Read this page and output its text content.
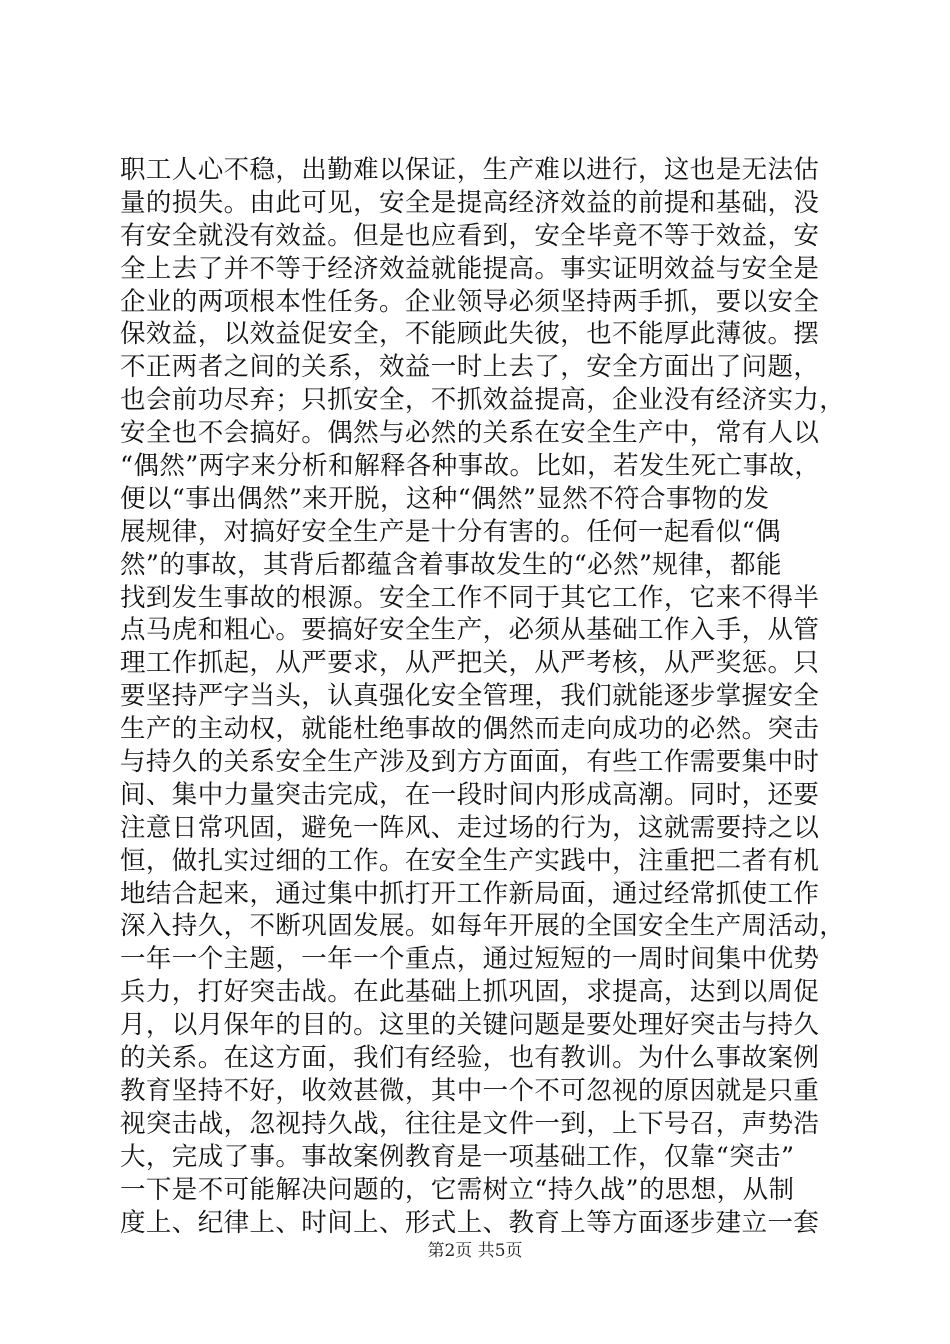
职工人心不稳，出勤难以保证，生产难以进行，这也是无法估
量的损失。由此可见，安全是提高经济效益的前提和基础，没
有安全就没有效益。但是也应看到，安全毕竟不等于效益，安
全上去了并不等于经济效益就能提高。事实证明效益与安全是
企业的两项根本性任务。企业领导必须坚持两手抓，要以安全
保效益，以效益促安全，不能顾此失彼，也不能厚此薄彼。摆
不正两者之间的关系，效益一时上去了，安全方面出了问题，
也会前功尽弃；只抓安全，不抓效益提高，企业没有经济实力，
安全也不会搞好。偶然与必然的关系在安全生产中，常有人以
“偶然”两字来分析和解释各种事故。比如，若发生死亡事故，
便以“事出偶然”来开脱，这种“偶然”显然不符合事物的发
展规律，对搞好安全生产是十分有害的。任何一起看似“偶
然”的事故，其背后都蕴含着事故发生的“必然”规律，都能
找到发生事故的根源。安全工作不同于其它工作，它来不得半
点马虎和粗心。要搞好安全生产，必须从基础工作入手，从管
理工作抓起，从严要求，从严把关，从严考核，从严奖惩。只
要坚持严字当头，认真强化安全管理，我们就能逐步掌握安全
生产的主动权，就能杜绝事故的偶然而走向成功的必然。突击
与持久的关系安全生产涉及到方方面面，有些工作需要集中时
间、集中力量突击完成，在一段时间内形成高潮。同时，还要
注意日常巩固，避免一阵风、走过场的行为，这就需要持之以
恒，做扎实过细的工作。在安全生产实践中，注重把二者有机
地结合起来，通过集中抓打开工作新局面，通过经常抓使工作
深入持久，不断巩固发展。如每年开展的全国安全生产周活动，
一年一个主题，一年一个重点，通过短短的一周时间集中优势
兵力，打好突击战。在此基础上抓巩固，求提高，达到以周促
月，以月保年的目的。这里的关键问题是要处理好突击与持久
的关系。在这方面，我们有经验，也有教训。为什么事故案例
教育坚持不好，收效甚微，其中一个不可忽视的原因就是只重
视突击战，忽视持久战，往往是文件一到，上下号召，声势浩
大，完成了事。事故案例教育是一项基础工作，仅靠“突击”
一下是不可能解决问题的，它需树立“持久战”的思想，从制
度上、纪律上、时间上、形式上、教育上等方面逐步建立一套
第2页 共5页
